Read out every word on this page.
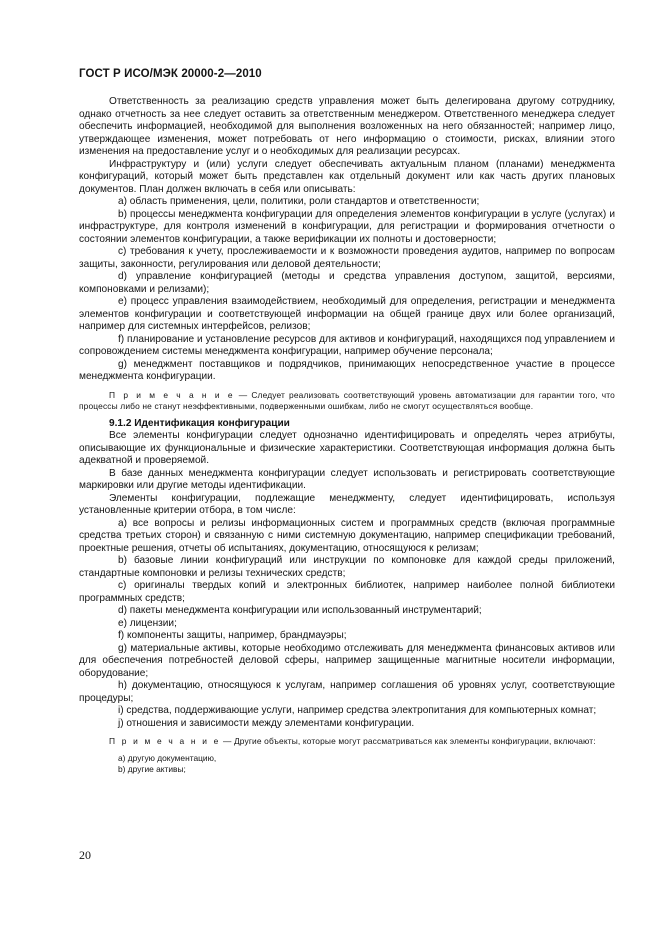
ГОСТ Р ИСО/МЭК 20000-2—2010

Ответственность за реализацию средств управления может быть делегирована другому сотруднику, однако отчетность за нее следует оставить за ответственным менеджером. Ответственного менеджера следует обеспечить информацией, необходимой для выполнения возложенных на него обязанностей; например лицо, утверждающее изменения, может потребовать от него информацию о стоимости, рисках, влиянии этого изменения на предоставление услуг и о необходимых для реализации ресурсах.

Инфраструктуру и (или) услуги следует обеспечивать актуальным планом (планами) менеджмента конфигураций, который может быть представлен как отдельный документ или как часть других плановых документов. План должен включать в себя или описывать:

a) область применения, цели, политики, роли стандартов и ответственности;

b) процессы менеджмента конфигурации для определения элементов конфигурации в услуге (услугах) и инфраструктуре, для контроля изменений в конфигурации, для регистрации и формирования отчетности о состоянии элементов конфигурации, а также верификации их полноты и достоверности;

c) требования к учету, прослеживаемости и к возможности проведения аудитов, например по вопросам защиты, законности, регулирования или деловой деятельности;

d) управление конфигурацией (методы и средства управления доступом, защитой, версиями, компоновками и релизами);

e) процесс управления взаимодействием, необходимый для определения, регистрации и менеджмента элементов конфигурации и соответствующей информации на общей границе двух или более организаций, например для системных интерфейсов, релизов;

f) планирование и установление ресурсов для активов и конфигураций, находящихся под управлением и сопровождением системы менеджмента конфигурации, например обучение персонала;

g) менеджмент поставщиков и подрядчиков, принимающих непосредственное участие в процессе менеджмента конфигурации.

П р и м е ч а н и е — Следует реализовать соответствующий уровень автоматизации для гарантии того, что процессы либо не станут неэффективными, подверженными ошибкам, либо не смогут осуществляться вообще.

9.1.2 Идентификация конфигурации

Все элементы конфигурации следует однозначно идентифицировать и определять через атрибуты, описывающие их функциональные и физические характеристики. Соответствующая информация должна быть адекватной и проверяемой.

В базе данных менеджмента конфигурации следует использовать и регистрировать соответствующие маркировки или другие методы идентификации.

Элементы конфигурации, подлежащие менеджменту, следует идентифицировать, используя установленные критерии отбора, в том числе:

a) все вопросы и релизы информационных систем и программных средств (включая программные средства третьих сторон) и связанную с ними системную документацию, например спецификации требований, проектные решения, отчеты об испытаниях, документацию, относящуюся к релизам;

b) базовые линии конфигураций или инструкции по компоновке для каждой среды приложений, стандартные компоновки и релизы технических средств;

c) оригиналы твердых копий и электронных библиотек, например наиболее полной библиотеки программных средств;

d) пакеты менеджмента конфигурации или использованный инструментарий;

e) лицензии;

f) компоненты защиты, например, брандмауэры;

g) материальные активы, которые необходимо отслеживать для менеджмента финансовых активов или для обеспечения потребностей деловой сферы, например защищенные магнитные носители информации, оборудование;

h) документацию, относящуюся к услугам, например соглашения об уровнях услуг, соответствующие процедуры;

i) средства, поддерживающие услуги, например средства электропитания для компьютерных комнат;

j) отношения и зависимости между элементами конфигурации.

П р и м е ч а н и е — Другие объекты, которые могут рассматриваться как элементы конфигурации, включают:

a) другую документацию,

b) другие активы;

20
